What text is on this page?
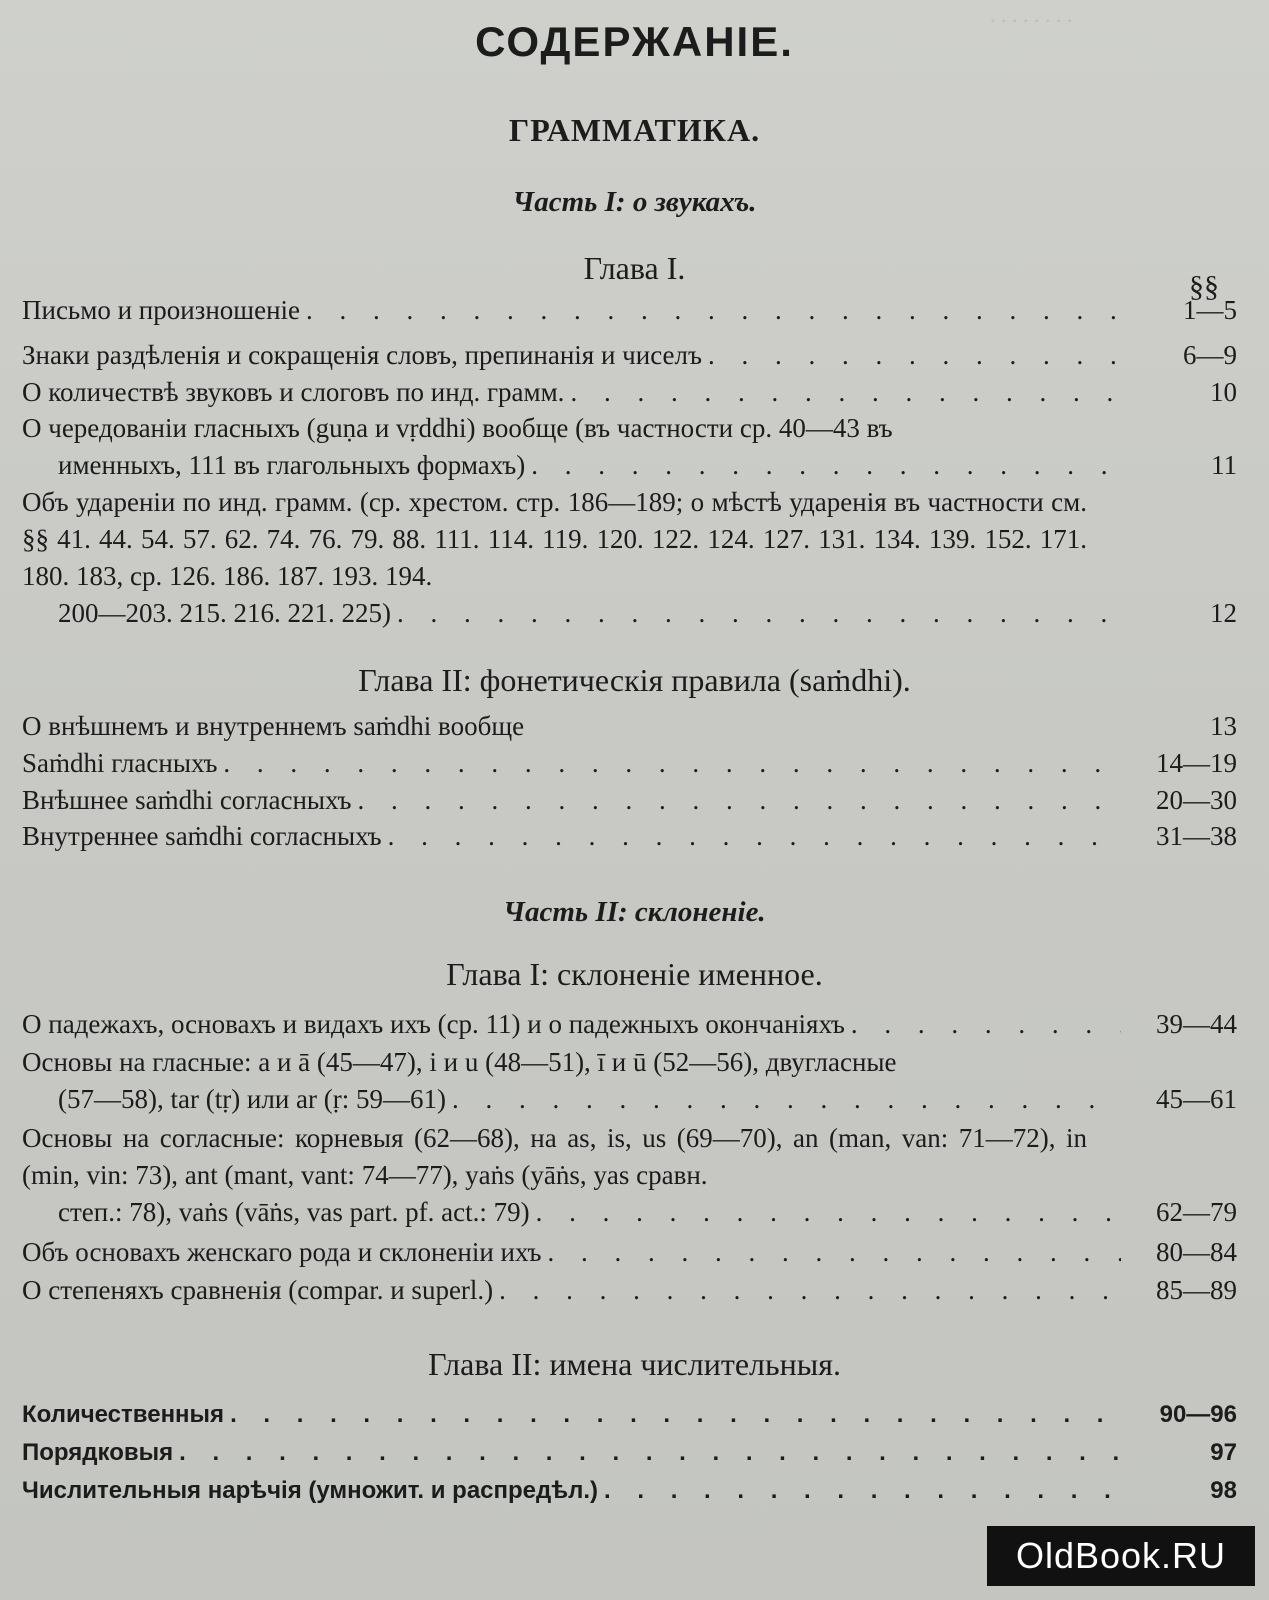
. . . . . . . .
СОДЕРЖАНІЕ.
ГРАММАТИКА.
Часть I: о звукахъ.
Глава I.
§§
Письмо и произношеніе . . .	1—5
Знаки раздѣленія и сокращенія словъ, препинанія и чиселъ . . .	6—9
О количествѣ звуковъ и слоговъ по инд. грамм. . . .	10
О чередованіи гласныхъ (guṇa и vṛddhi) вообще (въ частности ср. 40—43 въ
именныхъ, 111 въ глагольныхъ формахъ) . . .	11
Объ удареніи по инд. грамм. (ср. хрестом. стр. 186—189; о мѣстѣ ударенія въ частности см. §§ 41. 44. 54. 57. 62. 74. 76. 79. 88. 111. 114. 119. 120. 122. 124. 127. 131. 134. 139. 152. 171. 180. 183, ср. 126. 186. 187. 193. 194.
200—203. 215. 216. 221. 225) . . .	12
Глава II: фонетическія правила (saṁdhi).
О внѣшнемъ и внутреннемъ saṁdhi вообще	13
Saṁdhi гласныхъ . . .	14—19
Внѣшнее saṁdhi согласныхъ . . .	20—30
Внутреннее saṁdhi согласныхъ . . .	31—38
Часть II: склоненіе.
Глава I: склоненіе именное.
О падежахъ, основахъ и видахъ ихъ (ср. 11) и о падежныхъ окончаніяхъ . . .	39—44
Основы на гласные: a и ā (45—47), i и u (48—51), ī и ū (52—56), двугласные
(57—58), tar (tṛ) или ar (ṛ: 59—61) . . .	45—61
Основы на согласные: корневыя (62—68), на as, is, us (69—70), an (man, van: 71—72), in (min, vin: 73), ant (mant, vant: 74—77), yaṅs (yāṅs, yas сравн.
степ.: 78), vaṅs (vāṅs, vas part. pf. act.: 79) . . .	62—79
Объ основахъ женскаго рода и склоненіи ихъ . . .	80—84
О степеняхъ сравненія (compar. и superl.) . . .	85—89
Глава II: имена числительныя.
Количественныя . . .	90—96
Порядковыя . . .	97
Числительныя нарѣчія (умножит. и распредѣл.) . . .	98
OldBook.RU
